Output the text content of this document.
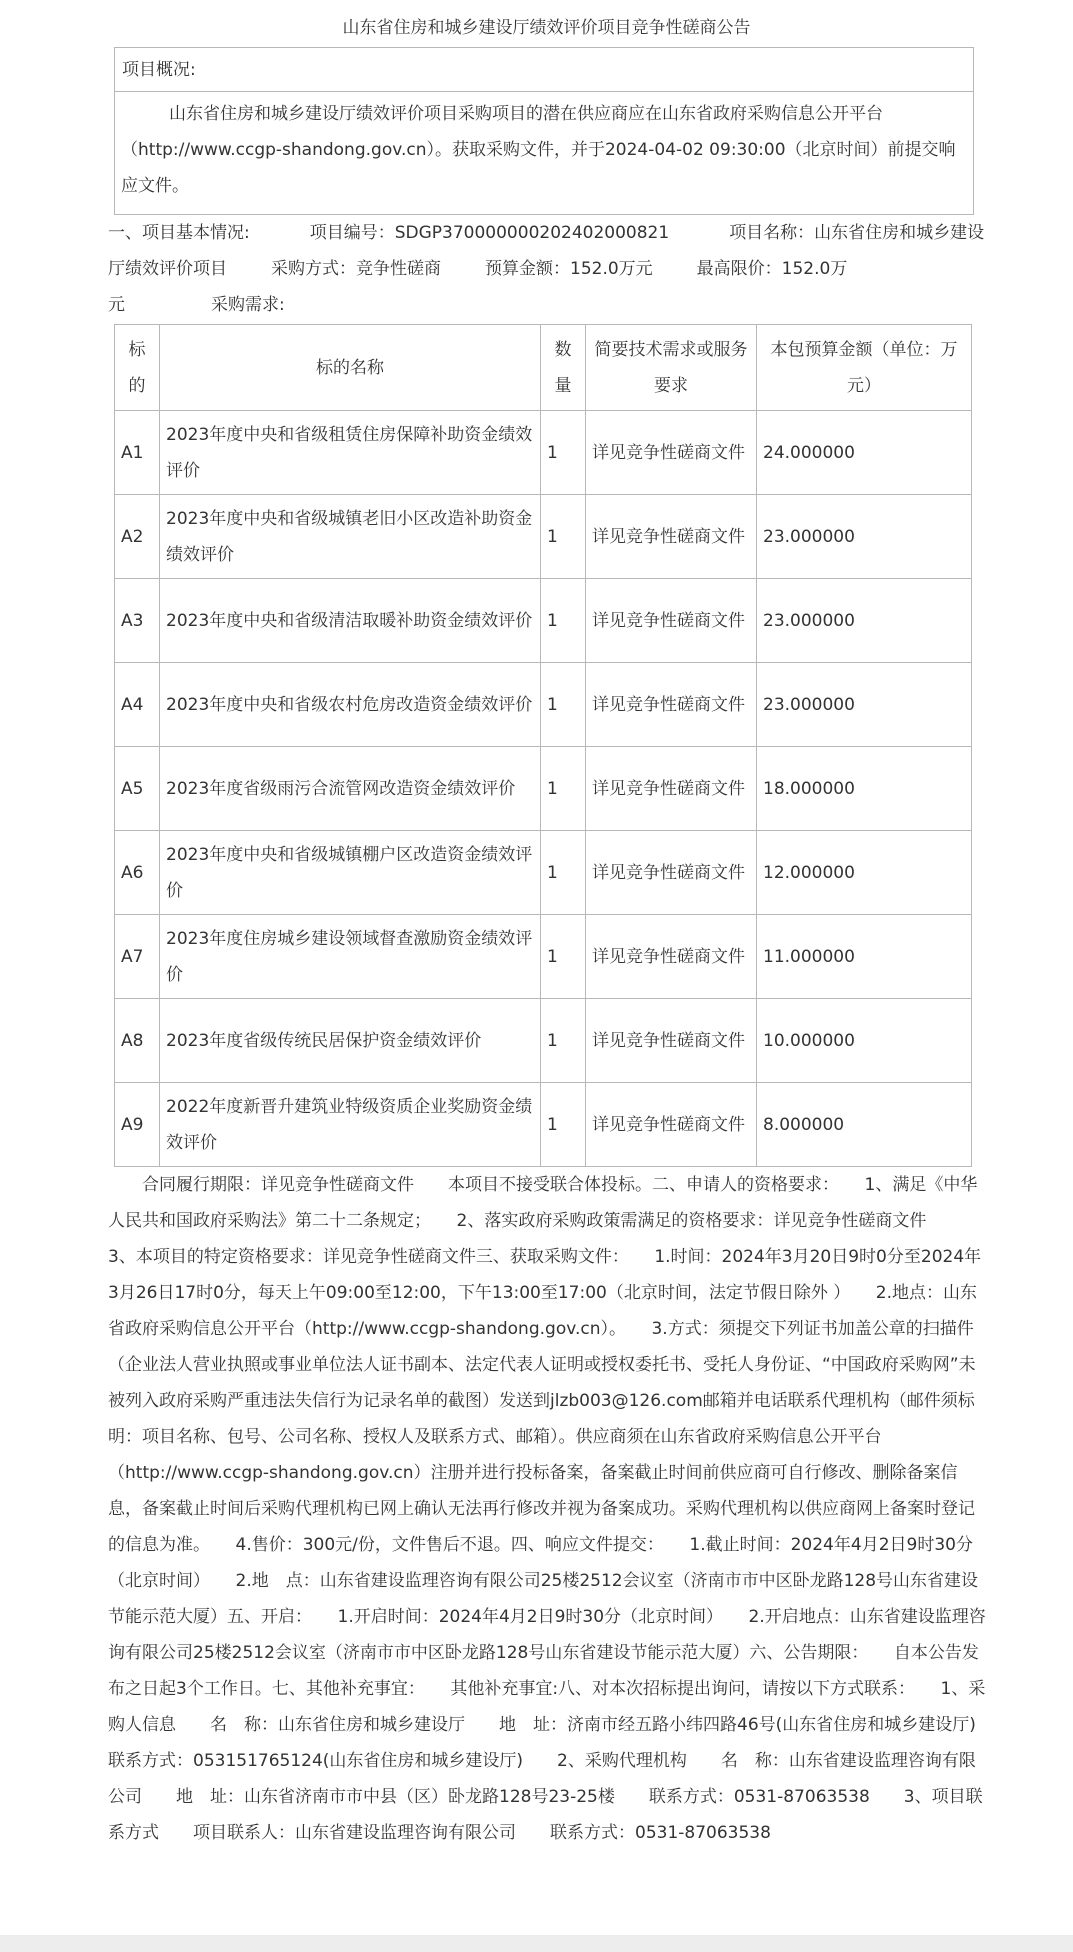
山东省住房和城乡建设厅绩效评价项目竞争性磋商公告
项目概况:
山东省住房和城乡建设厅绩效评价项目采购项目的潜在供应商应在山东省政府采购信息公开平台（http://www.ccgp-shandong.gov.cn）。获取采购文件，并于2024-04-02 09:30:00（北京时间）前提交响应文件。
一、项目基本情况:	项目编号：SDGP370000000202402000821	项目名称：山东省住房和城乡建设
厅绩效评价项目	采购方式：竞争性磋商	预算金额：152.0万元	最高限价：152.0万
元	采购需求:
标的	标的名称	数量	简要技术需求或服务要求	本包预算金额（单位：万元）
A1	2023年度中央和省级租赁住房保障补助资金绩效评价	1	详见竞争性磋商文件	24.000000
A2	2023年度中央和省级城镇老旧小区改造补助资金绩效评价	1	详见竞争性磋商文件	23.000000
A3	2023年度中央和省级清洁取暖补助资金绩效评价	1	详见竞争性磋商文件	23.000000
A4	2023年度中央和省级农村危房改造资金绩效评价	1	详见竞争性磋商文件	23.000000
A5	2023年度省级雨污合流管网改造资金绩效评价	1	详见竞争性磋商文件	18.000000
A6	2023年度中央和省级城镇棚户区改造资金绩效评价	1	详见竞争性磋商文件	12.000000
A7	2023年度住房城乡建设领域督查激励资金绩效评价	1	详见竞争性磋商文件	11.000000
A8	2023年度省级传统民居保护资金绩效评价	1	详见竞争性磋商文件	10.000000
A9	2022年度新晋升建筑业特级资质企业奖励资金绩效评价	1	详见竞争性磋商文件	8.000000
合同履行期限：详见竞争性磋商文件　　本项目不接受联合体投标。二、申请人的资格要求：　　1、满足《中华人民共和国政府采购法》第二十二条规定；　　2、落实政府采购政策需满足的资格要求：详见竞争性磋商文件　　3、本项目的特定资格要求：详见竞争性磋商文件三、获取采购文件：　　1.时间：2024年3月20日9时0分至2024年3月26日17时0分，每天上午09:00至12:00，下午13:00至17:00（北京时间，法定节假日除外 ）　　2.地点：山东省政府采购信息公开平台（http://www.ccgp-shandong.gov.cn）。　　3.方式：须提交下列证书加盖公章的扫描件（企业法人营业执照或事业单位法人证书副本、法定代表人证明或授权委托书、受托人身份证、“中国政府采购网”未被列入政府采购严重违法失信行为记录名单的截图）发送到jlzb003@126.com邮箱并电话联系代理机构（邮件须标明：项目名称、包号、公司名称、授权人及联系方式、邮箱）。供应商须在山东省政府采购信息公开平台（http://www.ccgp-shandong.gov.cn）注册并进行投标备案，备案截止时间前供应商可自行修改、删除备案信息，备案截止时间后采购代理机构已网上确认无法再行修改并视为备案成功。采购代理机构以供应商网上备案时登记的信息为准。　　4.售价：300元/份，文件售后不退。四、响应文件提交：　　1.截止时间：2024年4月2日9时30分（北京时间）　　2.地　点：山东省建设监理咨询有限公司25楼2512会议室（济南市市中区卧龙路128号山东省建设节能示范大厦）五、开启：　　1.开启时间：2024年4月2日9时30分（北京时间）　　2.开启地点：山东省建设监理咨询有限公司25楼2512会议室（济南市市中区卧龙路128号山东省建设节能示范大厦）六、公告期限：　　自本公告发布之日起3个工作日。七、其他补充事宜：　　其他补充事宜:八、对本次招标提出询问，请按以下方式联系：　　1、采购人信息　　名　称：山东省住房和城乡建设厅　　地　址：济南市经五路小纬四路46号(山东省住房和城乡建设厅)　　联系方式：053151765124(山东省住房和城乡建设厅)　　2、采购代理机构　　名　称：山东省建设监理咨询有限公司　　地　址：山东省济南市市中县（区）卧龙路128号23-25楼　　联系方式：0531-87063538　　3、项目联系方式　　项目联系人：山东省建设监理咨询有限公司　　联系方式：0531-87063538
